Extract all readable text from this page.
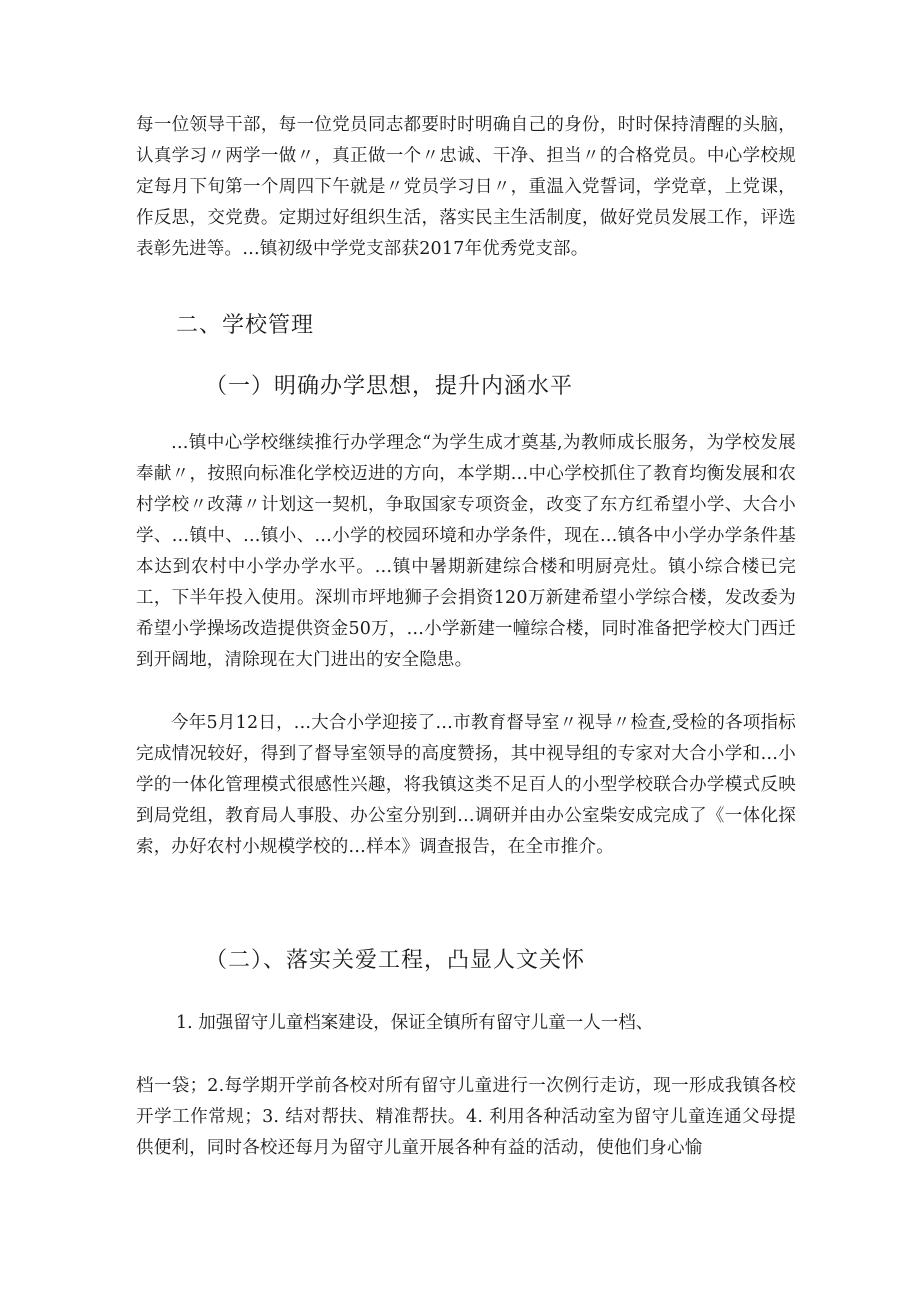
每一位领导干部，每一位党员同志都要时时明确自己的身份，时时保持清醒的头脑，认真学习〃两学一做〃，真正做一个〃忠诚、干净、担当〃的合格党员。中心学校规定每月下旬第一个周四下午就是〃党员学习日〃，重温入党誓词，学党章，上党课，作反思，交党费。定期过好组织生活，落实民主生活制度，做好党员发展工作，评选表彰先进等。…镇初级中学党支部获2017年优秀党支部。

二、学校管理

（一）明确办学思想，提升内涵水平

…镇中心学校继续推行办学理念“为学生成才奠基,为教师成长服务，为学校发展奉献〃，按照向标准化学校迈进的方向，本学期…中心学校抓住了教育均衡发展和农村学校〃改薄〃计划这一契机，争取国家专项资金，改变了东方红希望小学、大合小学、…镇中、…镇小、…小学的校园环境和办学条件，现在…镇各中小学办学条件基本达到农村中小学办学水平。…镇中暑期新建综合楼和明厨亮灶。镇小综合楼已完工，下半年投入使用。深圳市坪地狮子会捐资120万新建希望小学综合楼，发改委为希望小学操场改造提供资金50万，…小学新建一幢综合楼，同时准备把学校大门西迁到开阔地，清除现在大门进出的安全隐患。

今年5月12日，...大合小学迎接了…市教育督导室〃视导〃检查,受检的各项指标完成情况较好，得到了督导室领导的高度赞扬，其中视导组的专家对大合小学和…小学的一体化管理模式很感性兴趣，将我镇这类不足百人的小型学校联合办学模式反映到局党组，教育局人事股、办公室分别到…调研并由办公室柴安成完成了《一体化探索，办好农村小规模学校的…样本》调查报告，在全市推介。

（二）、落实关爱工程，凸显人文关怀

1. 加强留守儿童档案建设，保证全镇所有留守儿童一人一档、

档一袋；2.每学期开学前各校对所有留守儿童进行一次例行走访，现一形成我镇各校开学工作常规；3. 结对帮扶、精准帮扶。4. 利用各种活动室为留守儿童连通父母提供便利，同时各校还每月为留守儿童开展各种有益的活动，使他们身心愉
